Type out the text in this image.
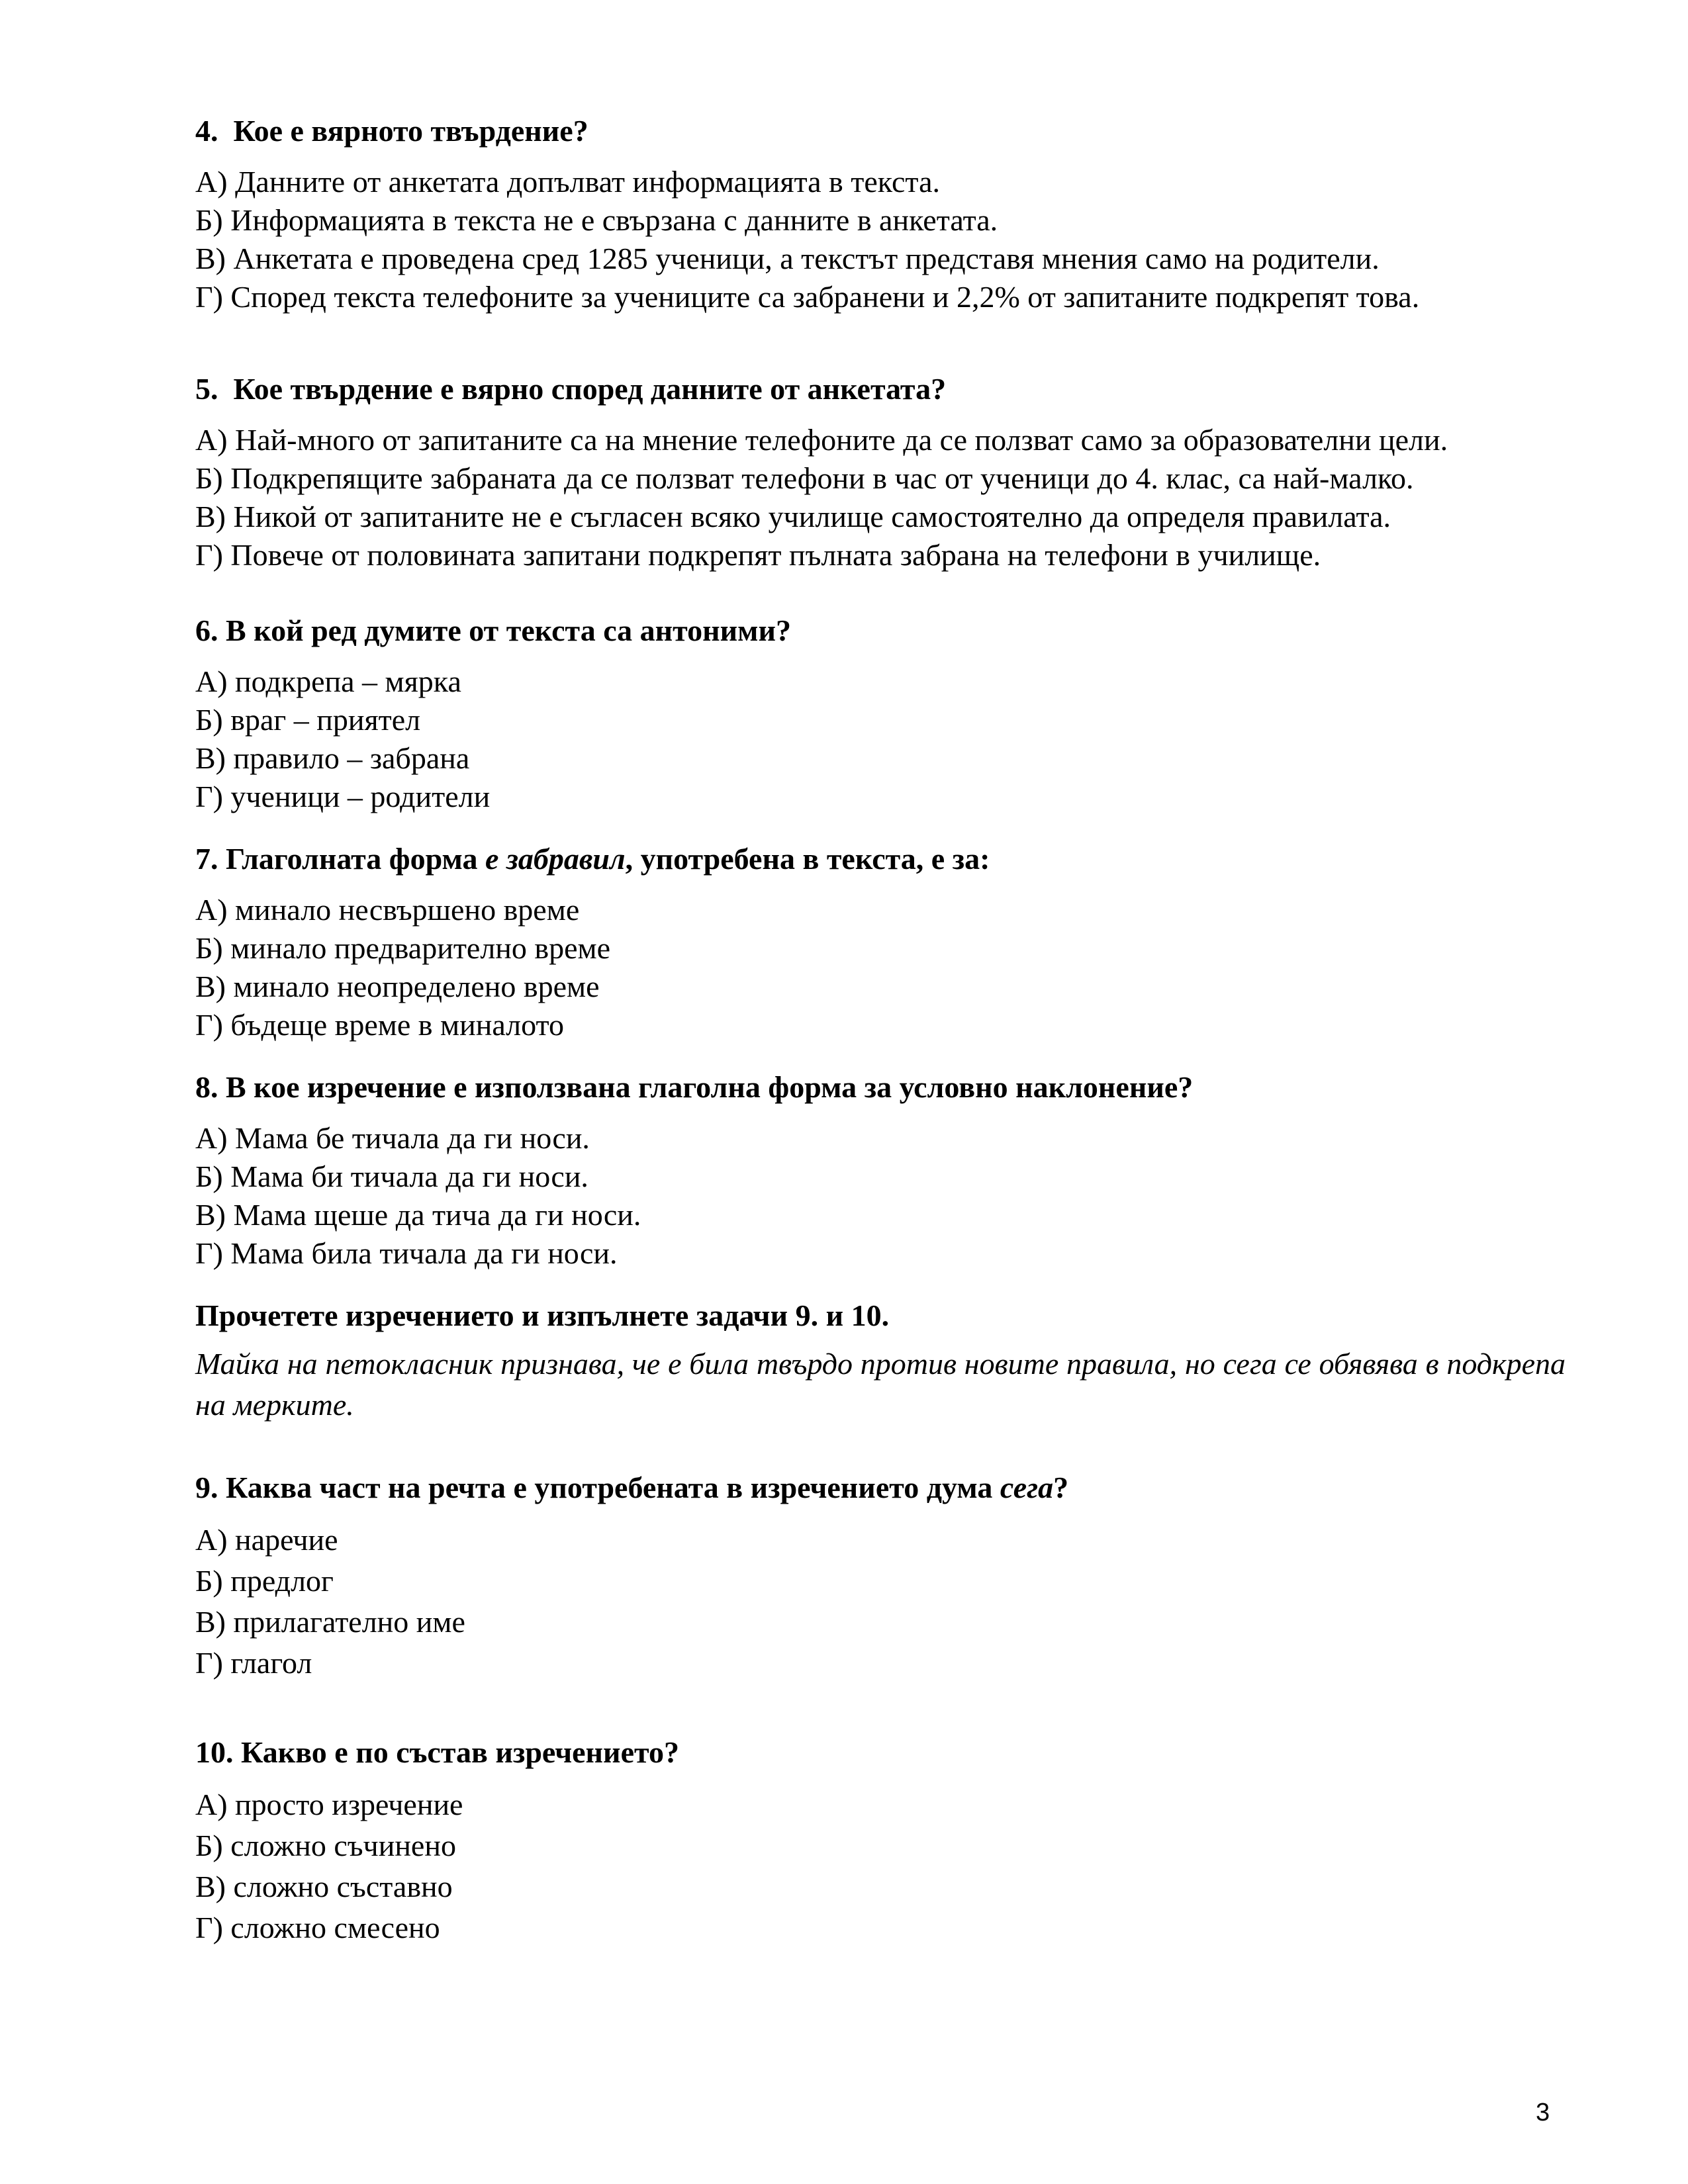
4. Кое е вярното твърдение?

А) Данните от анкетата допълват информацията в текста.
Б) Информацията в текста не е свързана с данните в анкетата.
В) Анкетата е проведена сред 1285 ученици, а текстът представя мнения само на родители.
Г) Според текста телефоните за учениците са забранени и 2,2% от запитаните подкрепят това.

5. Кое твърдение е вярно според данните от анкетата?

А) Най-много от запитаните са на мнение телефоните да се ползват само за образователни цели.
Б) Подкрепящите забраната да се ползват телефони в час от ученици до 4. клас, са най-малко.
В) Никой от запитаните не е съгласен всяко училище самостоятелно да определя правилата.
Г) Повече от половината запитани подкрепят пълната забрана на телефони в училище.

6. В кой ред думите от текста са антоними?

А) подкрепа – мярка
Б) враг – приятел
В) правило – забрана
Г) ученици – родители

7. Глаголната форма е забравил, употребена в текста, е за:

А) минало несвършено време
Б) минало предварително време
В) минало неопределено време
Г) бъдеще време в миналото

8. В кое изречение е използвана глаголна форма за условно наклонение?

А) Мама бе тичала да ги носи.
Б) Мама би тичала да ги носи.
В) Мама щеше да тича да ги носи.
Г) Мама била тичала да ги носи.

Прочетете изречението и изпълнете задачи 9. и 10.

Майка на петокласник признава, че е била твърдо против новите правила, но сега се обявява в подкрепа на мерките.

9. Каква част на речта е употребената в изречението дума сега?

А) наречие
Б) предлог
В) прилагателно име
Г) глагол

10. Какво е по състав изречението?

А) просто изречение
Б) сложно съчинено
В) сложно съставно
Г) сложно смесено
3
